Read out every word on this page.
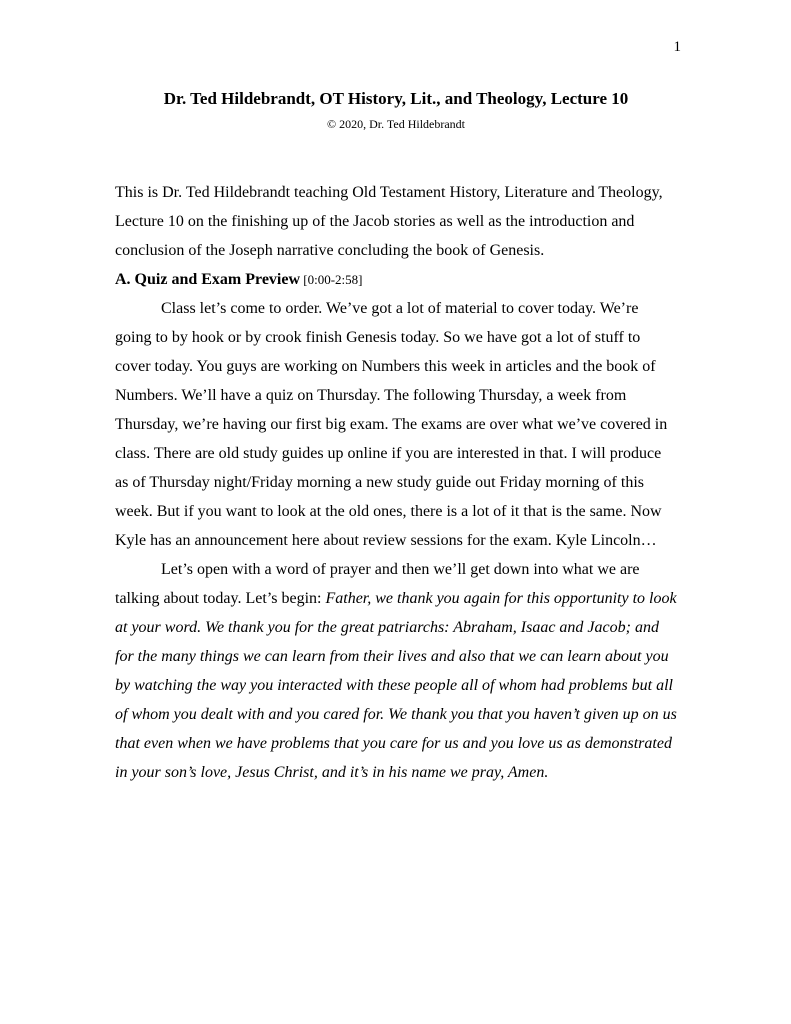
1
Dr. Ted Hildebrandt, OT History, Lit., and Theology, Lecture 10
© 2020, Dr. Ted Hildebrandt

This is Dr. Ted Hildebrandt teaching Old Testament History, Literature and Theology, Lecture 10 on the finishing up of the Jacob stories as well as the introduction and conclusion of the Joseph narrative concluding the book of Genesis.

A. Quiz and Exam Preview [0:00-2:58]

Class let’s come to order. We’ve got a lot of material to cover today. We’re going to by hook or by crook finish Genesis today. So we have got a lot of stuff to cover today. You guys are working on Numbers this week in articles and the book of Numbers. We’ll have a quiz on Thursday. The following Thursday, a week from Thursday, we’re having our first big exam. The exams are over what we’ve covered in class. There are old study guides up online if you are interested in that. I will produce as of Thursday night/Friday morning a new study guide out Friday morning of this week. But if you want to look at the old ones, there is a lot of it that is the same. Now Kyle has an announcement here about review sessions for the exam. Kyle Lincoln…

Let’s open with a word of prayer and then we’ll get down into what we are talking about today. Let’s begin: Father, we thank you again for this opportunity to look at your word. We thank you for the great patriarchs: Abraham, Isaac and Jacob; and for the many things we can learn from their lives and also that we can learn about you by watching the way you interacted with these people all of whom had problems but all of whom you dealt with and you cared for. We thank you that you haven’t given up on us that even when we have problems that you care for us and you love us as demonstrated in your son’s love, Jesus Christ, and it’s in his name we pray, Amen.
